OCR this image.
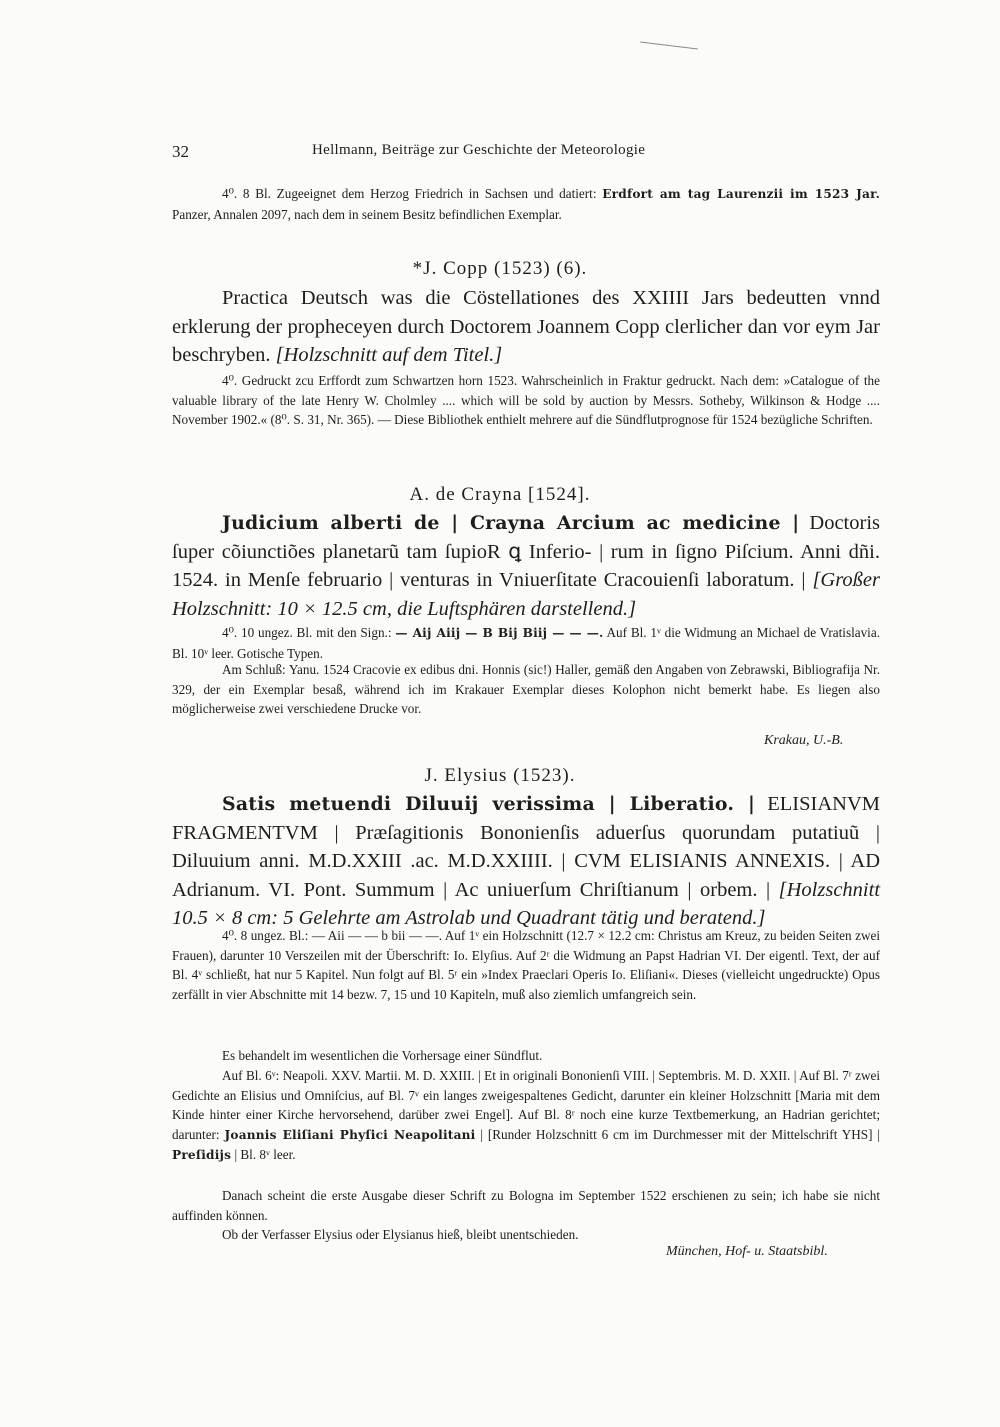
32	Hellmann, Beiträge zur Geschichte der Meteorologie
4⁰. 8 Bl. Zugeeignet dem Herzog Friedrich in Sachsen und datiert: Erdfort am tag Laurenzii im 1523 Jar. Panzer, Annalen 2097, nach dem in seinem Besitz befindlichen Exemplar.
*J. Copp (1523) (6).
Practica Deutsch was die Cöstellationes des XXIIII Jars bedeutten vnnd erklerung der propheceyen durch Doctorem Joannem Copp clerlicher dan vor eym Jar beschryben. [Holzschnitt auf dem Titel.]
4⁰. Gedruckt zcu Erffordt zum Schwartzen horn 1523. Wahrscheinlich in Fraktur gedruckt. Nach dem: »Catalogue of the valuable library of the late Henry W. Cholmley .... which will be sold by auction by Messrs. Sotheby, Wilkinson & Hodge .... November 1902.« (8⁰. S. 31, Nr. 365). — Diese Bibliothek enthielt mehrere auf die Sündflutprognose für 1524 bezügliche Schriften.
A. de Crayna [1524].
Judicium alberti de | Crayna Arcium ac medicine | Doctoris ſuper cõiunctiões planetarũ tam ſupioR ꝗ Inferio- | rum in ſigno Piſcium. Anni dñi. 1524. in Menſe februario | venturas in Vniuerſitate Cracouienſi laboratum. | [Großer Holzschnitt: 10 × 12.5 cm, die Luftsphären darstellend.]
4⁰. 10 ungez. Bl. mit den Sign.: — Aij Aiij — B Bij Biij — — —. Auf Bl. 1ᵛ die Widmung an Michael de Vratislavia. Bl. 10ᵛ leer. Gotische Typen.
Am Schluß: Yanu. 1524 Cracovie ex edibus dni. Honnis (sic!) Haller, gemäß den Angaben von Zebrawski, Bibliografija Nr. 329, der ein Exemplar besaß, während ich im Krakauer Exemplar dieses Kolophon nicht bemerkt habe. Es liegen also möglicherweise zwei verschiedene Drucke vor.
Krakau, U.-B.
J. Elysius (1523).
Satis metuendi Diluuij verissima | Liberatio. | ELISIANVM FRAGMENTVM | Præſagitionis Bononienſis aduerſus quorundam putatiuũ | Diluuium anni. M.D.XXIII .ac. M.D.XXIIII. | CVM ELISIANIS ANNEXIS. | AD Adrianum. VI. Pont. Summum | Ac uniuerſum Chriſtianum | orbem. | [Holzschnitt 10.5 × 8 cm: 5 Gelehrte am Astrolab und Quadrant tätig und beratend.]
4⁰. 8 ungez. Bl.: — Aii — — b bii — —. Auf 1ᵛ ein Holzschnitt (12.7 × 12.2 cm: Christus am Kreuz, zu beiden Seiten zwei Frauen), darunter 10 Verszeilen mit der Überschrift: Io. Elyſius. Auf 2ʳ die Widmung an Papst Hadrian VI. Der eigentl. Text, der auf Bl. 4ᵛ schließt, hat nur 5 Kapitel. Nun folgt auf Bl. 5ʳ ein »Index Praeclari Operis Io. Eliſiani«. Dieses (vielleicht ungedruckte) Opus zerfällt in vier Abschnitte mit 14 bezw. 7, 15 und 10 Kapiteln, muß also ziemlich umfangreich sein.
Es behandelt im wesentlichen die Vorhersage einer Sündflut.
Auf Bl. 6ᵛ: Neapoli. XXV. Martii. M. D. XXIII. | Et in originali Bononienſi VIII. | Septembris. M. D. XXII. | Auf Bl. 7ʳ zwei Gedichte an Elisius und Omniſcius, auf Bl. 7ᵛ ein langes zweigespaltenes Gedicht, darunter ein kleiner Holzschnitt [Maria mit dem Kinde hinter einer Kirche hervorsehend, darüber zwei Engel]. Auf Bl. 8ʳ noch eine kurze Textbemerkung, an Hadrian gerichtet; darunter: Joannis Eliſiani Phyſici Neapolitani | [Runder Holzschnitt 6 cm im Durchmesser mit der Mittelschrift YHS] | Preſidijs | Bl. 8ᵛ leer.
Danach scheint die erste Ausgabe dieser Schrift zu Bologna im September 1522 erschienen zu sein; ich habe sie nicht auffinden können.
Ob der Verfasser Elysius oder Elysianus hieß, bleibt unentschieden.
München, Hof- u. Staatsbibl.
